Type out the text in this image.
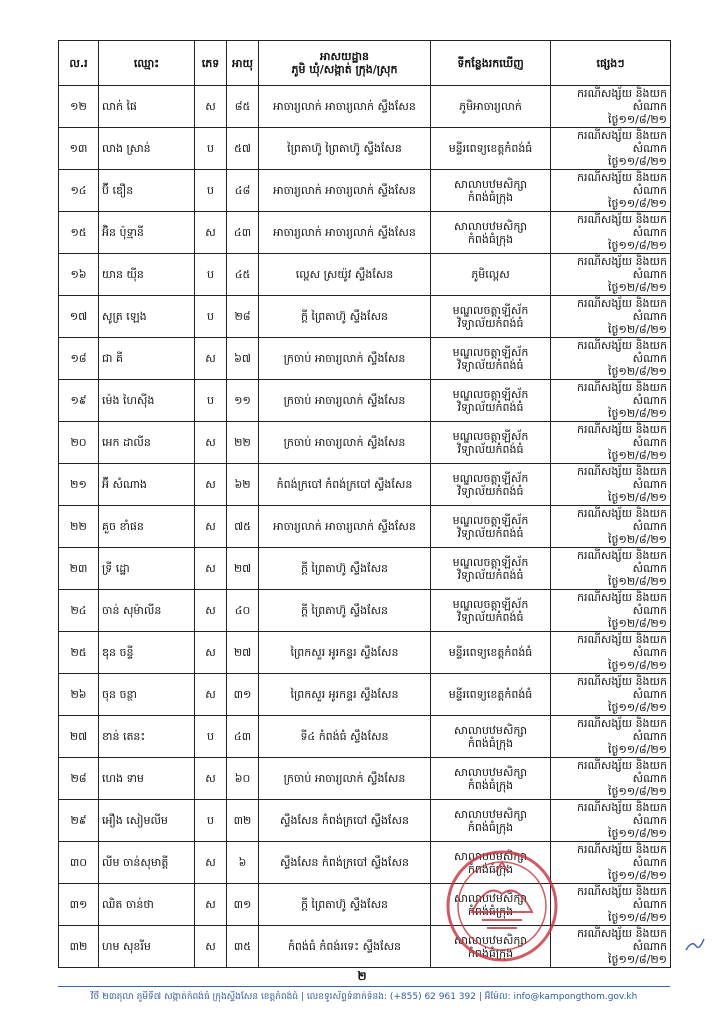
ល.រ	ឈ្មោះ	ភេទ	អាយុ	អាសយដ្ឋាន
ភូមិ ឃុំ/សង្កាត់ ក្រុង/ស្រុក	ទីកន្លែងរកឃើញ	ផ្សេងៗ
១២	លាក់ ផៃ	ស	៨៥	អាចារ្យលាក់ អាចារ្យលាក់ ស្ទឹងសែន	ភូមិអាចារ្យលាក់	ករណីសង្ស័យ និងយកសំណាក
ថ្ងៃ១១/៨/២១

១៣	លាង ស្រាន់	ប	៥៧	ព្រៃតាហ៊ូ ព្រៃតាហ៊ូ ស្ទឹងសែន	មន្ទីរពេទ្យខេត្តកំពង់ធំ	ករណីសង្ស័យ និងយកសំណាក
ថ្ងៃ១១/៨/២១

១៤	ប៊ី ឌឿន	ប	៤៨	អាចារ្យលាក់ អាចារ្យលាក់ ស្ទឹងសែន	សាលាបឋមសិក្សា
កំពង់ធំក្រុង	ករណីសង្ស័យ និងយកសំណាក
ថ្ងៃ១១/៨/២១

១៥	អ៊ិន ប៉ុទ្មានី	ស	៤៣	អាចារ្យលាក់ អាចារ្យលាក់ ស្ទឹងសែន	សាលាបឋមសិក្សា
កំពង់ធំក្រុង	ករណីសង្ស័យ និងយកសំណាក
ថ្ងៃ១១/៨/២១

១៦	យាន យ៉ីន	ប	៤៥	ល្ពេស ស្រយ៉ូវ ស្ទឹងសែន	ភូមិល្ពេស	ករណីសង្ស័យ និងយកសំណាក
ថ្ងៃ១២/៨/២១

១៧	សូត្រ ឡេង	ប	២៨	ក្តី ព្រៃតាហ៊ូ ស្ទឹងសែន	មណ្ឌលចត្តាឡីស័ក
វិទ្យាល័យកំពង់ធំ	ករណីសង្ស័យ និងយកសំណាក
ថ្ងៃ១២/៨/២១

១៨	ជា គី	ស	៦៧	ក្រចាប់ អាចារ្យលាក់ ស្ទឹងសែន	មណ្ឌលចត្តាឡីស័ក
វិទ្យាល័យកំពង់ធំ	ករណីសង្ស័យ និងយកសំណាក
ថ្ងៃ១២/៨/២១

១៩	ម៉េង ហៃស៊ីង	ប	១១	ក្រចាប់ អាចារ្យលាក់ ស្ទឹងសែន	មណ្ឌលចត្តាឡីស័ក
វិទ្យាល័យកំពង់ធំ	ករណីសង្ស័យ និងយកសំណាក
ថ្ងៃ១២/៨/២១

២០	អេក ដាលីន	ស	២២	ក្រចាប់ អាចារ្យលាក់ ស្ទឹងសែន	មណ្ឌលចត្តាឡីស័ក
វិទ្យាល័យកំពង់ធំ	ករណីសង្ស័យ និងយកសំណាក
ថ្ងៃ១២/៨/២១

២១	អ៊ី សំណាង	ស	៦២	កំពង់ក្របៅ កំពង់ក្របៅ ស្ទឹងសែន	មណ្ឌលចត្តាឡីស័ក
វិទ្យាល័យកំពង់ធំ	ករណីសង្ស័យ និងយកសំណាក
ថ្ងៃ១២/៨/២១

២២	គួច ខាំផន	ស	៧៥	អាចារ្យលាក់ អាចារ្យលាក់ ស្ទឹងសែន	មណ្ឌលចត្តាឡីស័ក
វិទ្យាល័យកំពង់ធំ	ករណីសង្ស័យ និងយកសំណាក
ថ្ងៃ១២/៨/២១

២៣	ទ្រី ដ្ឋោ	ស	២៧	ក្តី ព្រៃតាហ៊ូ ស្ទឹងសែន	មណ្ឌលចត្តាឡីស័ក
វិទ្យាល័យកំពង់ធំ	ករណីសង្ស័យ និងយកសំណាក
ថ្ងៃ១២/៨/២១

២៤	ចាន់ សុម៉ាលីន	ស	៤០	ក្តី ព្រៃតាហ៊ូ ស្ទឹងសែន	មណ្ឌលចត្តាឡីស័ក
វិទ្យាល័យកំពង់ធំ	ករណីសង្ស័យ និងយកសំណាក
ថ្ងៃ១២/៨/២១

២៥	ឌុន ចន្ទី	ស	២៧	ព្រៃកសួរ អូរកន្ទរ ស្ទឹងសែន	មន្ទីរពេទ្យខេត្តកំពង់ធំ	ករណីសង្ស័យ និងយកសំណាក
ថ្ងៃ១១/៨/២១

២៦	ចុន ចន្ថា	ស	៣១	ព្រៃកសួរ អូរកន្ទរ ស្ទឹងសែន	មន្ទីរពេទ្យខេត្តកំពង់ធំ	ករណីសង្ស័យ និងយកសំណាក
ថ្ងៃ១១/៨/២១

២៧	ខាន់ តេនះ	ប	៤៣	ទី៤ កំពង់ធំ ស្ទឹងសែន	សាលាបឋមសិក្សា
កំពង់ធំក្រុង	ករណីសង្ស័យ និងយកសំណាក
ថ្ងៃ១១/៨/២១

២៨	ហេង ទាម	ស	៦០	ក្រចាប់ អាចារ្យលាក់ ស្ទឹងសែន	សាលាបឋមសិក្សា
កំពង់ធំក្រុង	ករណីសង្ស័យ និងយកសំណាក
ថ្ងៃ១១/៨/២១

២៩	អឿង សៀមលីម	ប	៣២	ស្ទឹងសែន កំពង់ក្របៅ ស្ទឹងសែន	សាលាបឋមសិក្សា
កំពង់ធំក្រុង	ករណីសង្ស័យ និងយកសំណាក
ថ្ងៃ១១/៨/២១

៣០	លីម ចាន់សុមាត្តី	ស	៦	ស្ទឹងសែន កំពង់ក្របៅ ស្ទឹងសែន	សាលាបឋមសិក្សា
កំពង់ធំក្រុង	ករណីសង្ស័យ និងយកសំណាក
ថ្ងៃ១១/៨/២១

៣១	ឈិត ចាន់ថា	ស	៣១	ក្តី ព្រៃតាហ៊ូ ស្ទឹងសែន	សាលាបឋមសិក្សា
កំពង់ធំក្រុង	ករណីសង្ស័យ និងយកសំណាក
ថ្ងៃ១១/៨/២១

៣២	ហម សុខរីម	ស	៣៥	កំពង់ធំ កំពង់រទេះ ស្ទឹងសែន	សាលាបឋមសិក្សា
កំពង់ធំក្រុង	ករណីសង្ស័យ និងយកសំណាក
ថ្ងៃ១១/៨/២១
២
វិថី ២៣តុលា ភូមិទី៧ សង្កាត់កំពង់ធំ ក្រុងស្ទឹងសែន ខេត្តកំពង់ធំ | លេខទូរស័ព្ទទំនាក់ទំនង: (+855) 62 961 392 | អ៊ីម៉ែល: info@kampongthom.gov.kh
